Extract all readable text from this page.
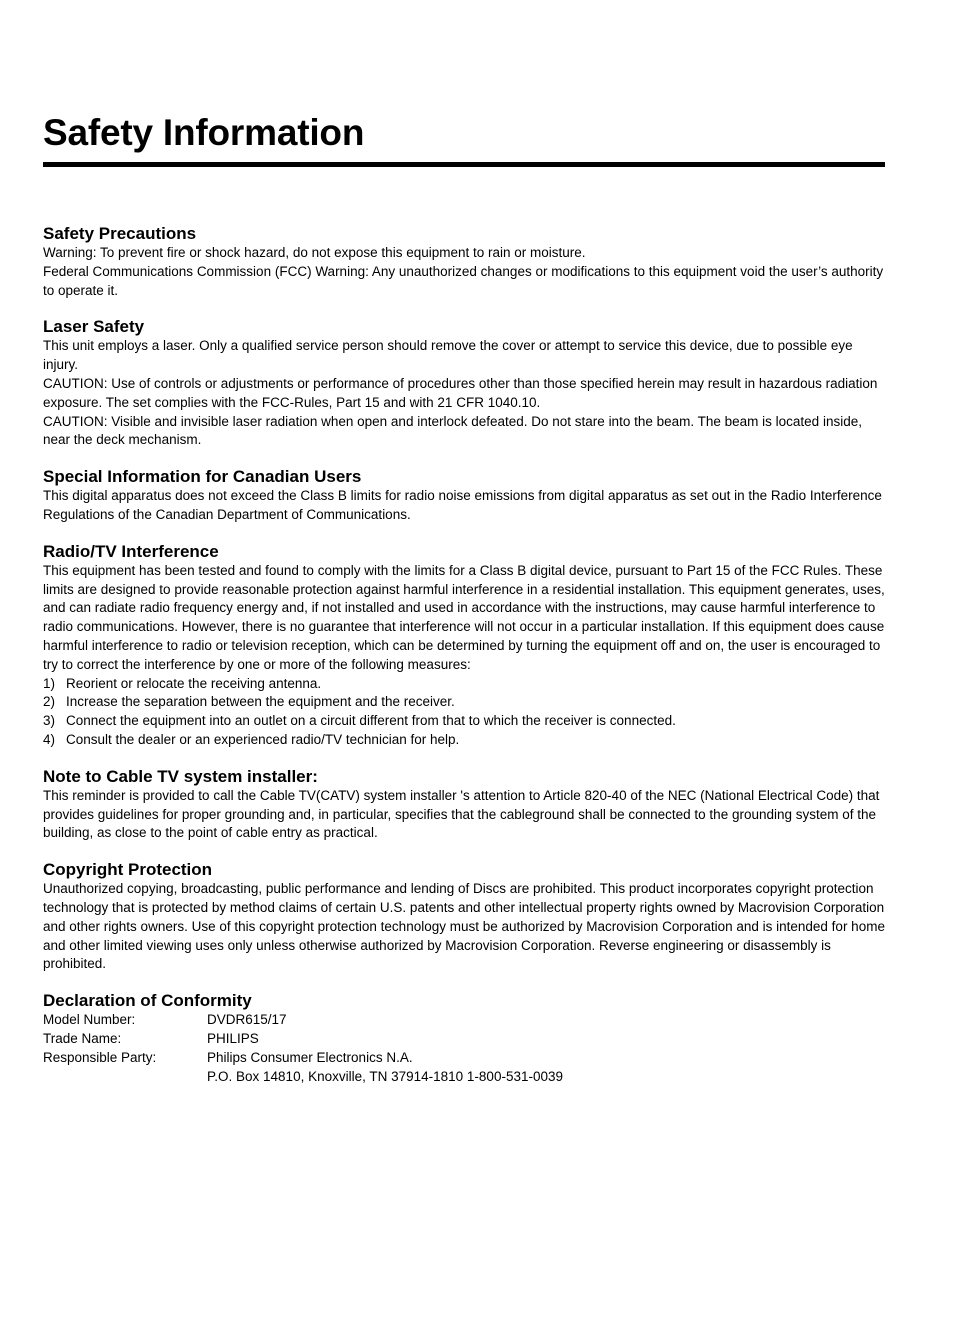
Safety Information
Safety Precautions

Warning: To prevent fire or shock hazard, do not expose this equipment to rain or moisture.

Federal Communications Commission (FCC) Warning: Any unauthorized changes or modifications to this equipment void the user’s authority to operate it.

Laser Safety

This unit employs a laser. Only a qualified service person should remove the cover or attempt to service this device, due to possible eye injury.

CAUTION: Use of controls or adjustments or performance of procedures other than those specified herein may result in hazardous radiation exposure. The set complies with the FCC-Rules, Part 15 and with 21 CFR 1040.10.

CAUTION: Visible and invisible laser radiation when open and interlock defeated. Do not stare into the beam. The beam is located inside, near the deck mechanism.

Special Information for Canadian Users

This digital apparatus does not exceed the Class B limits for radio noise emissions from digital apparatus as set out in the Radio Interference Regulations of the Canadian Department of Communications.

Radio/TV Interference

This equipment has been tested and found to comply with the limits for a Class B digital device, pursuant to Part 15 of the FCC Rules. These limits are designed to provide reasonable protection against harmful interference in a residential installation. This equipment generates, uses, and can radiate radio frequency energy and, if not installed and used in accordance with the instructions, may cause harmful interference to radio communications. However, there is no guarantee that interference will not occur in a particular installation. If this equipment does cause harmful interference to radio or television reception, which can be determined by turning the equipment off and on, the user is encouraged to try to correct the interference by one or more of the following measures:

1) Reorient or relocate the receiving antenna.
2) Increase the separation between the equipment and the receiver.
3) Connect the equipment into an outlet on a circuit different from that to which the receiver is connected.
4) Consult the dealer or an experienced radio/TV technician for help.
Note to Cable TV system installer:

This reminder is provided to call the Cable TV(CATV) system installer 's attention to Article 820-40 of the NEC (National Electrical Code) that provides guidelines for proper grounding and, in particular, specifies that the cableground shall be connected to the grounding system of the building, as close to the point of cable entry as practical.

Copyright Protection

Unauthorized copying, broadcasting, public performance and lending of Discs are prohibited. This product incorporates copyright protection technology that is protected by method claims of certain U.S. patents and other intellectual property rights owned by Macrovision Corporation and other rights owners. Use of this copyright protection technology must be authorized by Macrovision Corporation and is intended for home and other limited viewing uses only unless otherwise authorized by Macrovision Corporation. Reverse engineering or disassembly is prohibited.

Declaration of Conformity
Model Number:	DVDR615/17
Trade Name:	PHILIPS
Responsible Party:	Philips Consumer Electronics N.A.
P.O. Box 14810, Knoxville, TN 37914-1810 1-800-531-0039
